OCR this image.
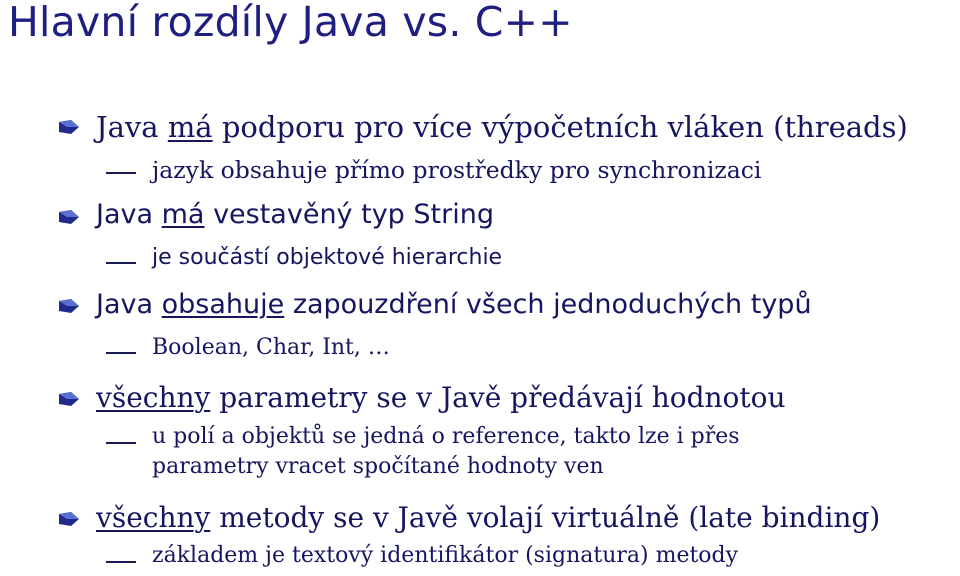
Hlavní rozdíly Java vs. C++
Java má podporu pro více výpočetních vláken (threads)
jazyk obsahuje přímo prostředky pro synchronizaci
Java má vestavěný typ String
je součástí objektové hierarchie
Java obsahuje zapouzdření všech jednoduchých typů
Boolean, Char, Int, …
všechny parametry se v Javě předávají hodnotou
u polí a objektů se jedná o reference, takto lze i přes
parametry vracet spočítané hodnoty ven
všechny metody se v Javě volají virtuálně (late binding)
základem je textový identifikátor (signatura) metody
